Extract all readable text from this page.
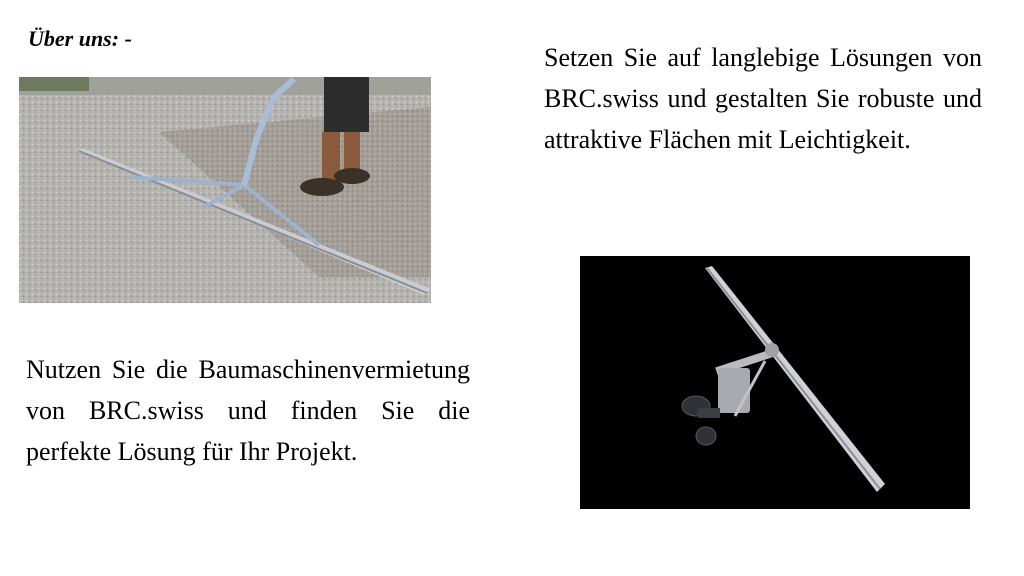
Über uns: -

Setzen Sie auf langlebige Lösungen von BRC.swiss und gestalten Sie robuste und attraktive Flächen mit Leichtigkeit.

Nutzen Sie die Baumaschinenvermietung von BRC.swiss und finden Sie die perfekte Lösung für Ihr Projekt.
